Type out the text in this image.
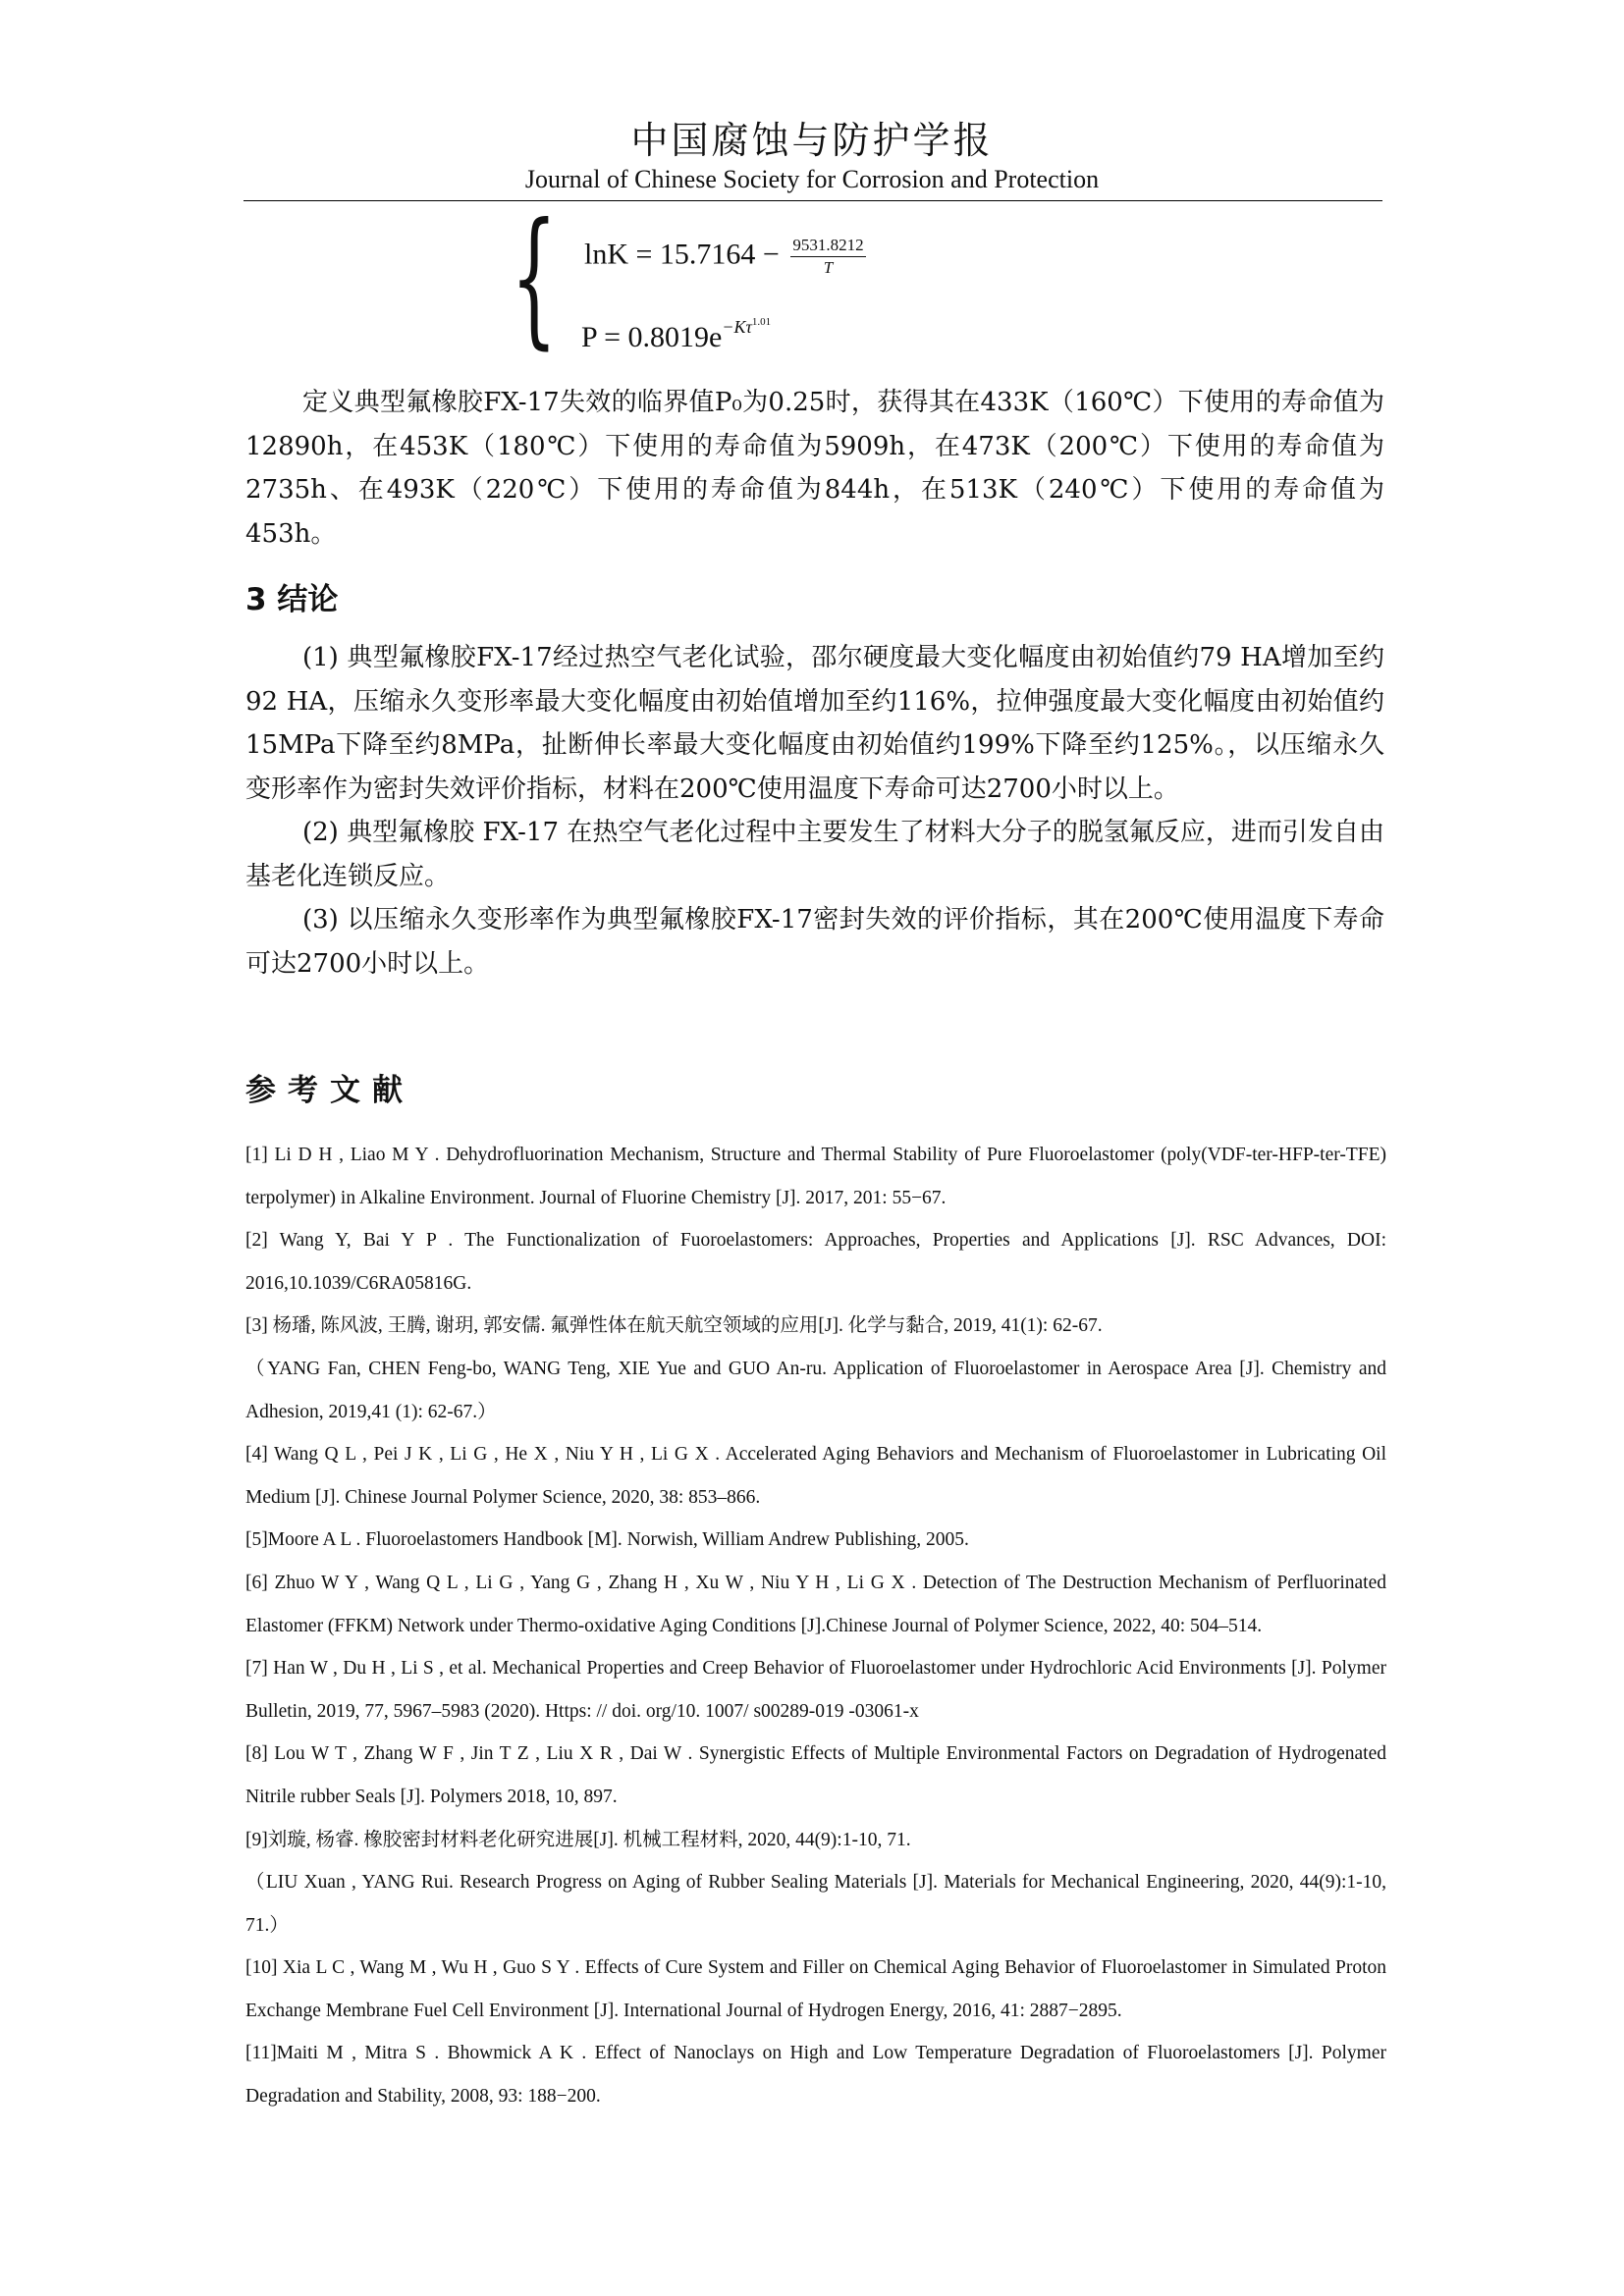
中国腐蚀与防护学报
Journal of Chinese Society for Corrosion and Protection
{ $\ln K = 15.7164 - \frac{9531.8212}{T}$
$P = 0.8019e^{-K\tau^{1.01}}$

定义典型氟橡胶FX-17失效的临界值P₀为0.25时，获得其在433K（160℃）下使用的寿命值为12890h，在453K（180℃）下使用的寿命值为5909h，在473K（200℃）下使用的寿命值为2735h、在493K（220℃）下使用的寿命值为844h，在513K（240℃）下使用的寿命值为453h。

3 结论

(1) 典型氟橡胶FX-17经过热空气老化试验，邵尔硬度最大变化幅度由初始值约79 HA增加至约92 HA，压缩永久变形率最大变化幅度由初始值增加至约116%，拉伸强度最大变化幅度由初始值约15MPa下降至约8MPa，扯断伸长率最大变化幅度由初始值约199%下降至约125%。，以压缩永久变形率作为密封失效评价指标，材料在200℃使用温度下寿命可达2700小时以上。

(2) 典型氟橡胶 FX-17 在热空气老化过程中主要发生了材料大分子的脱氢氟反应，进而引发自由基老化连锁反应。

(3) 以压缩永久变形率作为典型氟橡胶FX-17密封失效的评价指标，其在200℃使用温度下寿命可达2700小时以上。

参考文献

[1] Li D H , Liao M Y . Dehydrofluorination Mechanism, Structure and Thermal Stability of Pure Fluoroelastomer (poly(VDF-ter-HFP-ter-TFE) terpolymer) in Alkaline Environment. Journal of Fluorine Chemistry [J]. 2017, 201: 55−67.

[2] Wang Y, Bai Y P . The Functionalization of Fuoroelastomers: Approaches, Properties and Applications [J]. RSC Advances, DOI: 2016,10.1039/C6RA05816G.

[3] 杨璠, 陈风波, 王腾, 谢玥, 郭安儒. 氟弹性体在航天航空领域的应用[J]. 化学与黏合, 2019, 41(1): 62-67.

（YANG Fan, CHEN Feng-bo, WANG Teng, XIE Yue and GUO An-ru. Application of Fluoroelastomer in Aerospace Area [J]. Chemistry and Adhesion, 2019,41 (1): 62-67.）

[4] Wang Q L , Pei J K , Li G , He X , Niu Y H , Li G X . Accelerated Aging Behaviors and Mechanism of Fluoroelastomer in Lubricating Oil Medium [J]. Chinese Journal Polymer Science, 2020, 38: 853–866.

[5]Moore A L . Fluoroelastomers Handbook [M]. Norwish, William Andrew Publishing, 2005.

[6] Zhuo W Y , Wang Q L , Li G , Yang G , Zhang H , Xu W , Niu Y H , Li G X . Detection of The Destruction Mechanism of Perfluorinated Elastomer (FFKM) Network under Thermo-oxidative Aging Conditions [J].Chinese Journal of Polymer Science, 2022, 40: 504–514.

[7] Han W , Du H , Li S , et al. Mechanical Properties and Creep Behavior of Fluoroelastomer under Hydrochloric Acid Environments [J]. Polymer Bulletin, 2019, 77, 5967–5983 (2020). Https: // doi. org/10. 1007/ s00289-019 -03061-x

[8] Lou W T , Zhang W F , Jin T Z , Liu X R , Dai W . Synergistic Effects of Multiple Environmental Factors on Degradation of Hydrogenated Nitrile rubber Seals [J]. Polymers 2018, 10, 897.

[9]刘璇, 杨睿. 橡胶密封材料老化研究进展[J]. 机械工程材料, 2020, 44(9):1-10, 71.

（LIU Xuan , YANG Rui. Research Progress on Aging of Rubber Sealing Materials [J]. Materials for Mechanical Engineering, 2020, 44(9):1-10, 71.）

[10] Xia L C , Wang M , Wu H , Guo S Y . Effects of Cure System and Filler on Chemical Aging Behavior of Fluoroelastomer in Simulated Proton Exchange Membrane Fuel Cell Environment [J]. International Journal of Hydrogen Energy, 2016, 41: 2887−2895.

[11]Maiti M , Mitra S . Bhowmick A K . Effect of Nanoclays on High and Low Temperature Degradation of Fluoroelastomers [J]. Polymer Degradation and Stability, 2008, 93: 188−200.
